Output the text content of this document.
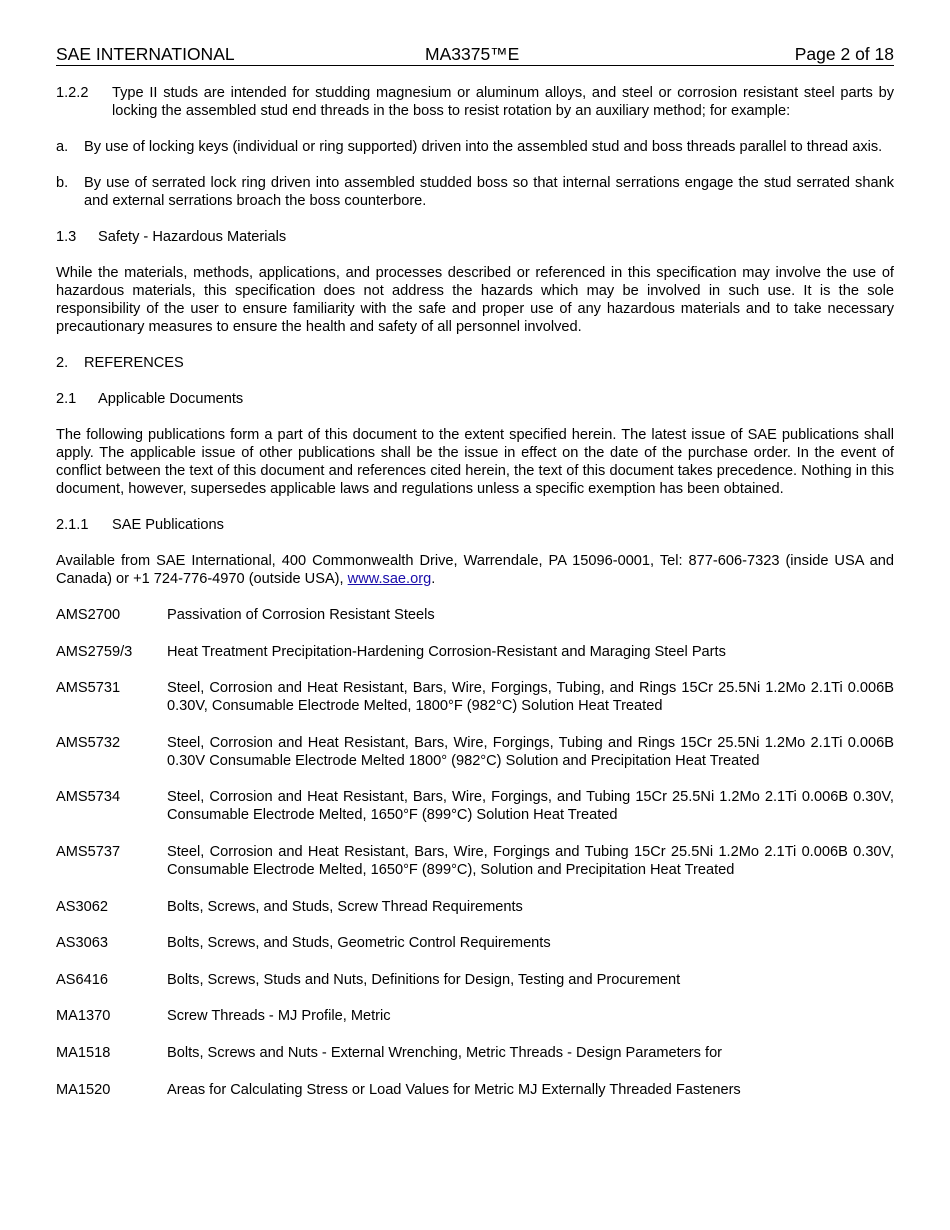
SAE INTERNATIONAL	MA3375™E	Page 2 of 18
1.2.2	Type II studs are intended for studding magnesium or aluminum alloys, and steel or corrosion resistant steel parts by locking the assembled stud end threads in the boss to resist rotation by an auxiliary method; for example:
a.	By use of locking keys (individual or ring supported) driven into the assembled stud and boss threads parallel to thread axis.
b.	By use of serrated lock ring driven into assembled studded boss so that internal serrations engage the stud serrated shank and external serrations broach the boss counterbore.
1.3	Safety - Hazardous Materials

While the materials, methods, applications, and processes described or referenced in this specification may involve the use of hazardous materials, this specification does not address the hazards which may be involved in such use. It is the sole responsibility of the user to ensure familiarity with the safe and proper use of any hazardous materials and to take necessary precautionary measures to ensure the health and safety of all personnel involved.

2.	REFERENCES
2.1	Applicable Documents

The following publications form a part of this document to the extent specified herein. The latest issue of SAE publications shall apply. The applicable issue of other publications shall be the issue in effect on the date of the purchase order. In the event of conflict between the text of this document and references cited herein, the text of this document takes precedence. Nothing in this document, however, supersedes applicable laws and regulations unless a specific exemption has been obtained.

2.1.1	SAE Publications

Available from SAE International, 400 Commonwealth Drive, Warrendale, PA 15096-0001, Tel: 877-606-7323 (inside USA and Canada) or +1 724-776-4970 (outside USA), www.sae.org.

AMS2700	Passivation of Corrosion Resistant Steels
AMS2759/3	Heat Treatment Precipitation-Hardening Corrosion-Resistant and Maraging Steel Parts
AMS5731	Steel, Corrosion and Heat Resistant, Bars, Wire, Forgings, Tubing, and Rings 15Cr 25.5Ni 1.2Mo 2.1Ti 0.006B 0.30V, Consumable Electrode Melted, 1800°F (982°C) Solution Heat Treated
AMS5732	Steel, Corrosion and Heat Resistant, Bars, Wire, Forgings, Tubing and Rings 15Cr 25.5Ni 1.2Mo 2.1Ti 0.006B 0.30V Consumable Electrode Melted 1800° (982°C) Solution and Precipitation Heat Treated
AMS5734	Steel, Corrosion and Heat Resistant, Bars, Wire, Forgings, and Tubing 15Cr 25.5Ni 1.2Mo 2.1Ti 0.006B 0.30V, Consumable Electrode Melted, 1650°F (899°C) Solution Heat Treated
AMS5737	Steel, Corrosion and Heat Resistant, Bars, Wire, Forgings and Tubing 15Cr 25.5Ni 1.2Mo 2.1Ti 0.006B 0.30V, Consumable Electrode Melted, 1650°F (899°C), Solution and Precipitation Heat Treated
AS3062	Bolts, Screws, and Studs, Screw Thread Requirements
AS3063	Bolts, Screws, and Studs, Geometric Control Requirements
AS6416	Bolts, Screws, Studs and Nuts, Definitions for Design, Testing and Procurement
MA1370	Screw Threads - MJ Profile, Metric
MA1518	Bolts, Screws and Nuts - External Wrenching, Metric Threads - Design Parameters for
MA1520	Areas for Calculating Stress or Load Values for Metric MJ Externally Threaded Fasteners
